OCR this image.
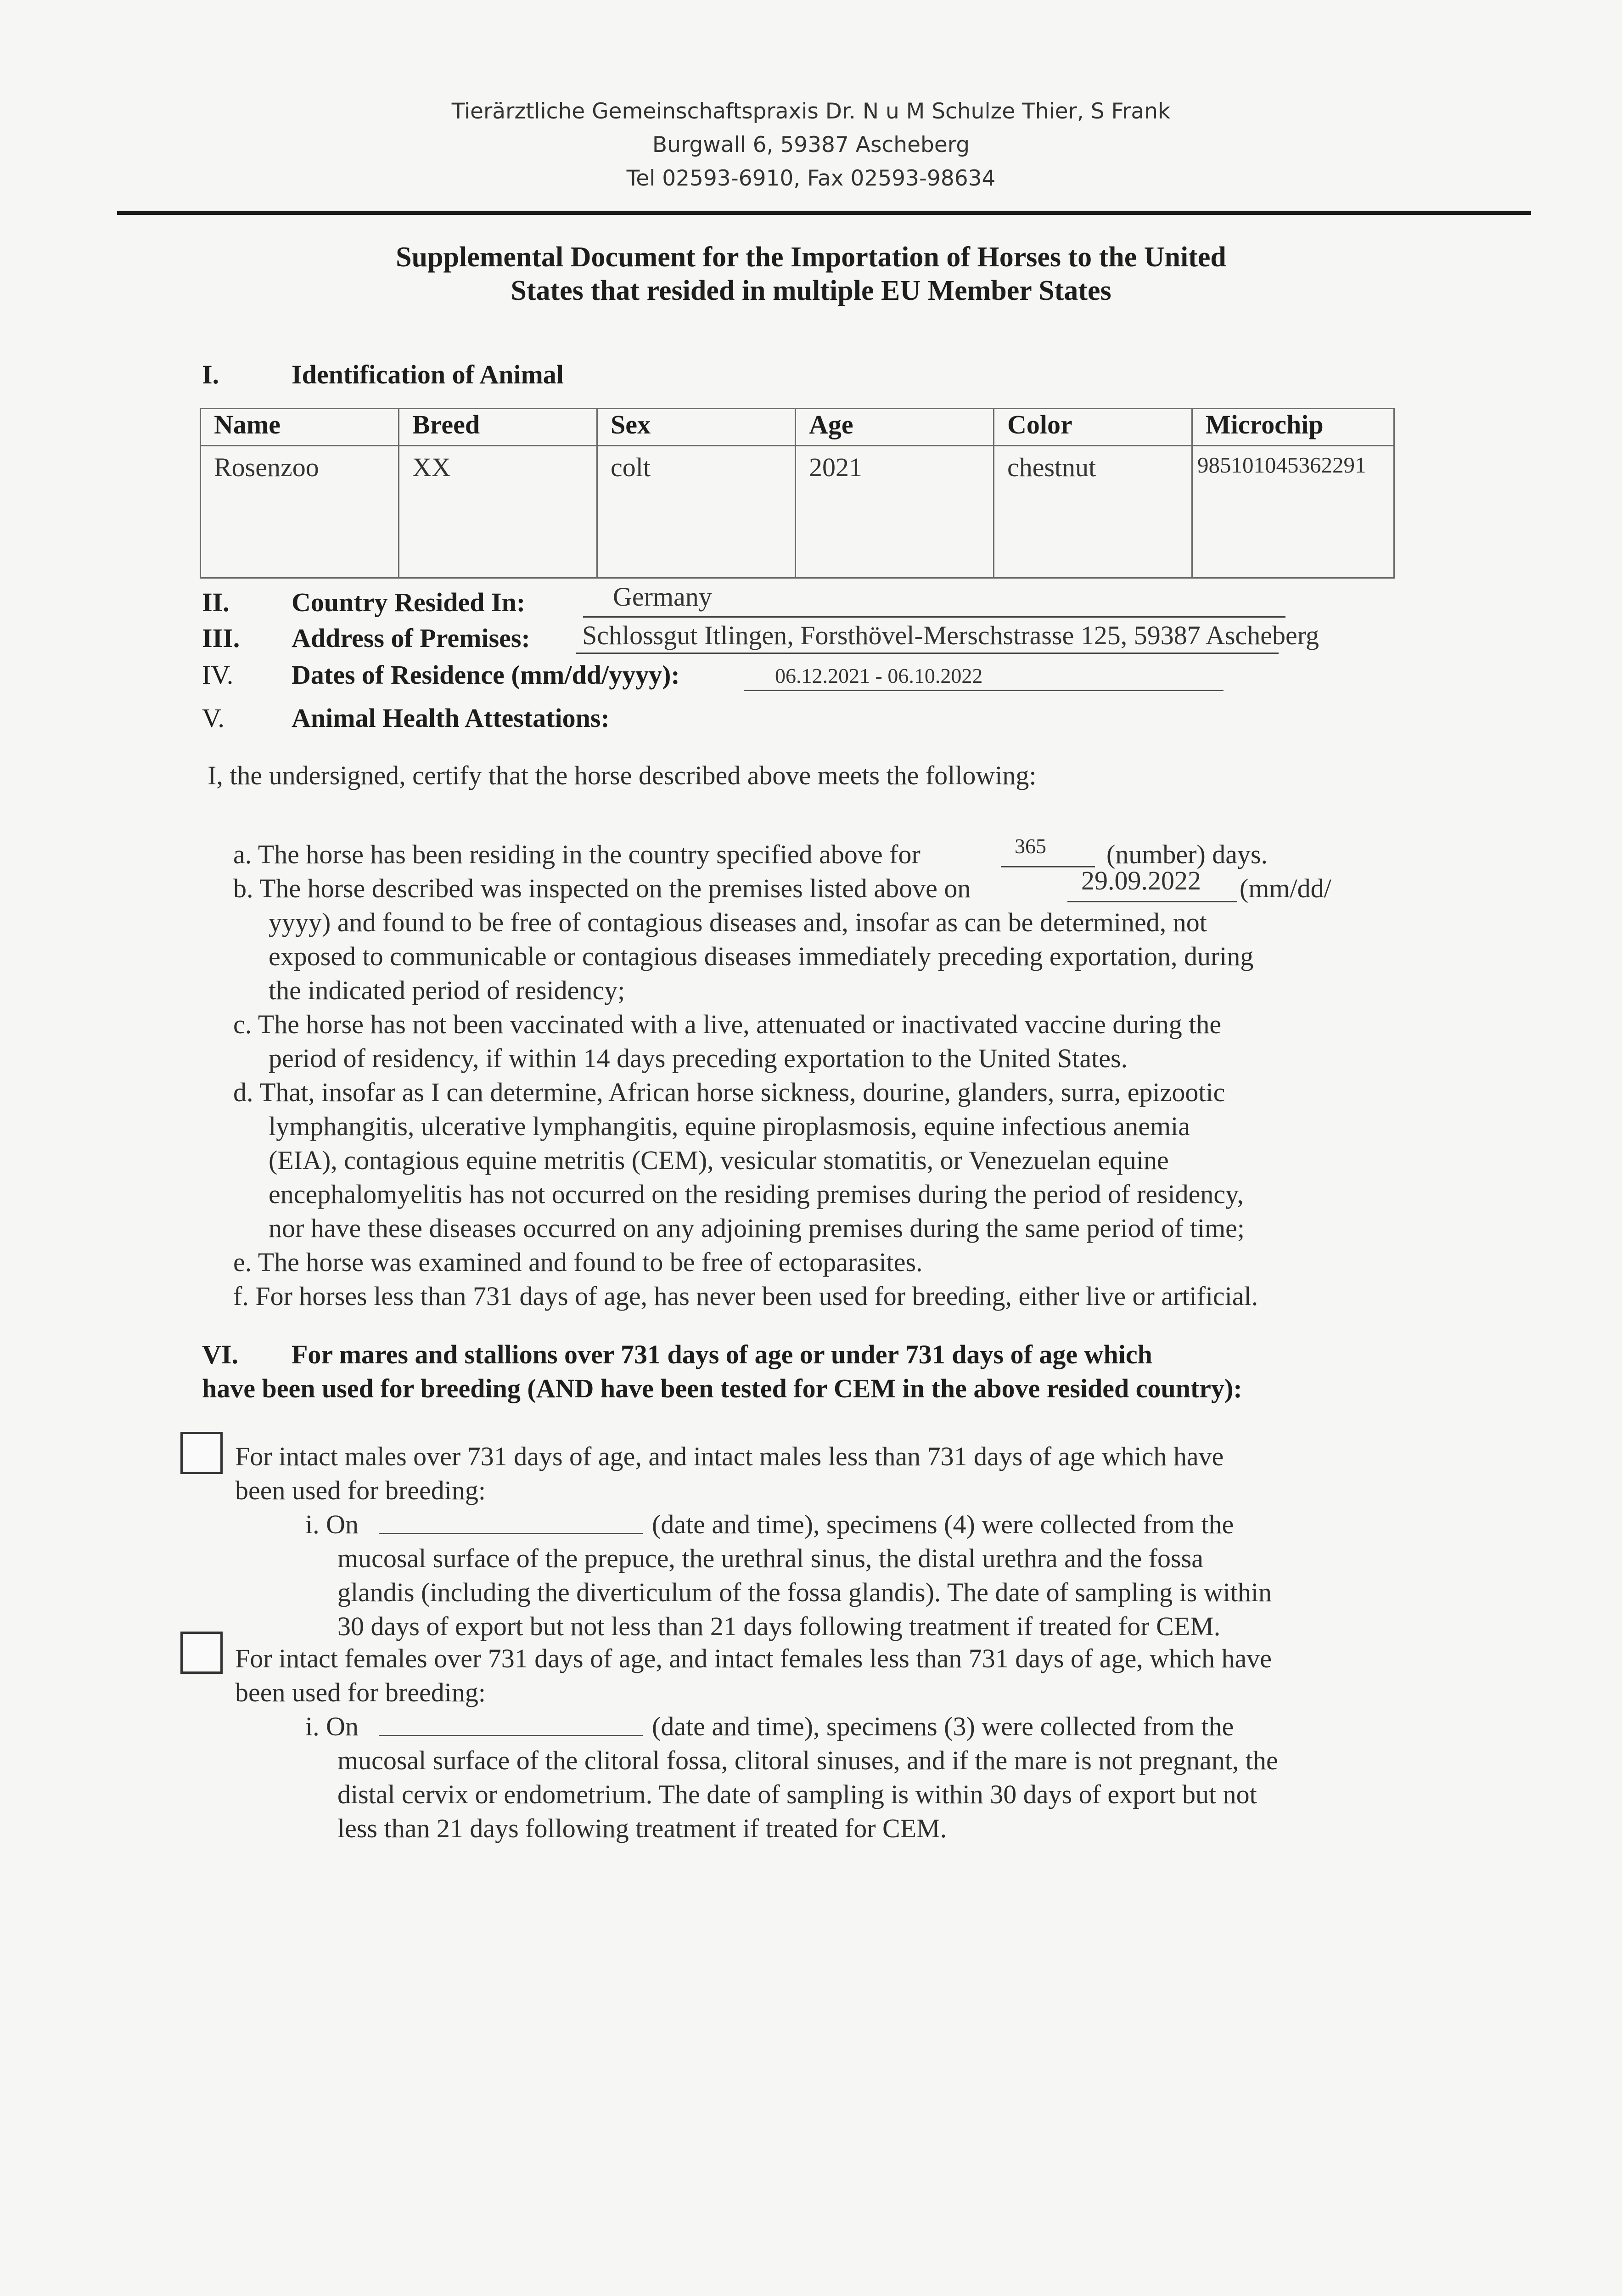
Tierärztliche Gemeinschaftspraxis Dr. N u M Schulze Thier, S Frank
Burgwall 6, 59387 Ascheberg
Tel 02593-6910, Fax 02593-98634
Supplemental Document for the Importation of Horses to the United
States that resided in multiple EU Member States
I.	Identification of Animal
Name	Breed	Sex	Age	Color	Microchip
Rosenzoo	XX	colt	2021	chestnut	985101045362291
II. Country Resided In:	Germany
III. Address of Premises: Schlossgut Itlingen, Forsthövel-Merschstrasse 125, 59387 Ascheberg
IV. Dates of Residence (mm/dd/yyyy):	06.12.2021 - 06.10.2022
V.	Animal Health Attestations:
I, the undersigned, certify that the horse described above meets the following:
a. The horse has been residing in the country specified above for	365 (number) days.
b. The horse described was inspected on the premises listed above on	29.09.2022 (mm/dd/
yyyy) and found to be free of contagious diseases and, insofar as can be determined, not
exposed to communicable or contagious diseases immediately preceding exportation, during
the indicated period of residency;
c. The horse has not been vaccinated with a live, attenuated or inactivated vaccine during the
period of residency, if within 14 days preceding exportation to the United States.
d. That, insofar as I can determine, African horse sickness, dourine, glanders, surra, epizootic
lymphangitis, ulcerative lymphangitis, equine piroplasmosis, equine infectious anemia
(EIA), contagious equine metritis (CEM), vesicular stomatitis, or Venezuelan equine
encephalomyelitis has not occurred on the residing premises during the period of residency,
nor have these diseases occurred on any adjoining premises during the same period of time;
e. The horse was examined and found to be free of ectoparasites.
f. For horses less than 731 days of age, has never been used for breeding, either live or artificial.
VI. For mares and stallions over 731 days of age or under 731 days of age which
have been used for breeding (AND have been tested for CEM in the above resided country):
For intact males over 731 days of age, and intact males less than 731 days of age which have
been used for breeding:
i. On	(date and time), specimens (4) were collected from the
mucosal surface of the prepuce, the urethral sinus, the distal urethra and the fossa
glandis (including the diverticulum of the fossa glandis). The date of sampling is within
30 days of export but not less than 21 days following treatment if treated for CEM.
For intact females over 731 days of age, and intact females less than 731 days of age, which have
been used for breeding:
i. On	(date and time), specimens (3) were collected from the
mucosal surface of the clitoral fossa, clitoral sinuses, and if the mare is not pregnant, the
distal cervix or endometrium. The date of sampling is within 30 days of export but not
less than 21 days following treatment if treated for CEM.
